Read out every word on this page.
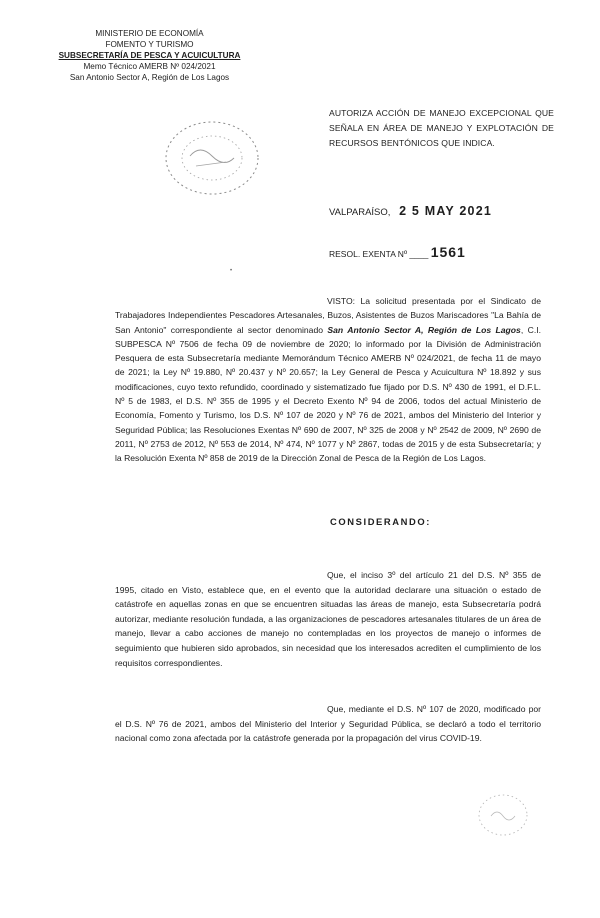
MINISTERIO DE ECONOMÍA
FOMENTO Y TURISMO
SUBSECRETARÍA DE PESCA Y ACUICULTURA
Memo Técnico AMERB Nº 024/2021
San Antonio Sector A, Región de Los Lagos
AUTORIZA ACCIÓN DE MANEJO EXCEPCIONAL QUE SEÑALA EN ÁREA DE MANEJO Y EXPLOTACIÓN DE RECURSOS BENTÓNICOS QUE INDICA.
VALPARAÍSO, 2 5 MAY 2021
RESOL. EXENTA Nº ____ 1561
•
VISTO: La solicitud presentada por el Sindicato de Trabajadores Independientes Pescadores Artesanales, Buzos, Asistentes de Buzos Mariscadores "La Bahía de San Antonio" correspondiente al sector denominado San Antonio Sector A, Región de Los Lagos, C.I. SUBPESCA Nº 7506 de fecha 09 de noviembre de 2020; lo informado por la División de Administración Pesquera de esta Subsecretaría mediante Memorándum Técnico AMERB Nº 024/2021, de fecha 11 de mayo de 2021; la Ley Nº 19.880, Nº 20.437 y Nº 20.657; la Ley General de Pesca y Acuicultura Nº 18.892 y sus modificaciones, cuyo texto refundido, coordinado y sistematizado fue fijado por D.S. Nº 430 de 1991, el D.F.L. Nº 5 de 1983, el D.S. Nº 355 de 1995 y el Decreto Exento Nº 94 de 2006, todos del actual Ministerio de Economía, Fomento y Turismo, los D.S. Nº 107 de 2020 y Nº 76 de 2021, ambos del Ministerio del Interior y Seguridad Pública; las Resoluciones Exentas Nº 690 de 2007, Nº 325 de 2008 y Nº 2542 de 2009, Nº 2690 de 2011, Nº 2753 de 2012, Nº 553 de 2014, Nº 474, Nº 1077 y Nº 2867, todas de 2015 y de esta Subsecretaría; y la Resolución Exenta Nº 858 de 2019 de la Dirección Zonal de Pesca de la Región de Los Lagos.
CONSIDERANDO:
Que, el inciso 3º del artículo 21 del D.S. Nº 355 de 1995, citado en Visto, establece que, en el evento que la autoridad declarare una situación o estado de catástrofe en aquellas zonas en que se encuentren situadas las áreas de manejo, esta Subsecretaría podrá autorizar, mediante resolución fundada, a las organizaciones de pescadores artesanales titulares de un área de manejo, llevar a cabo acciones de manejo no contempladas en los proyectos de manejo o informes de seguimiento que hubieren sido aprobados, sin necesidad que los interesados acrediten el cumplimiento de los requisitos correspondientes.
Que, mediante el D.S. Nº 107 de 2020, modificado por el D.S. Nº 76 de 2021, ambos del Ministerio del Interior y Seguridad Pública, se declaró a todo el territorio nacional como zona afectada por la catástrofe generada por la propagación del virus COVID-19.
